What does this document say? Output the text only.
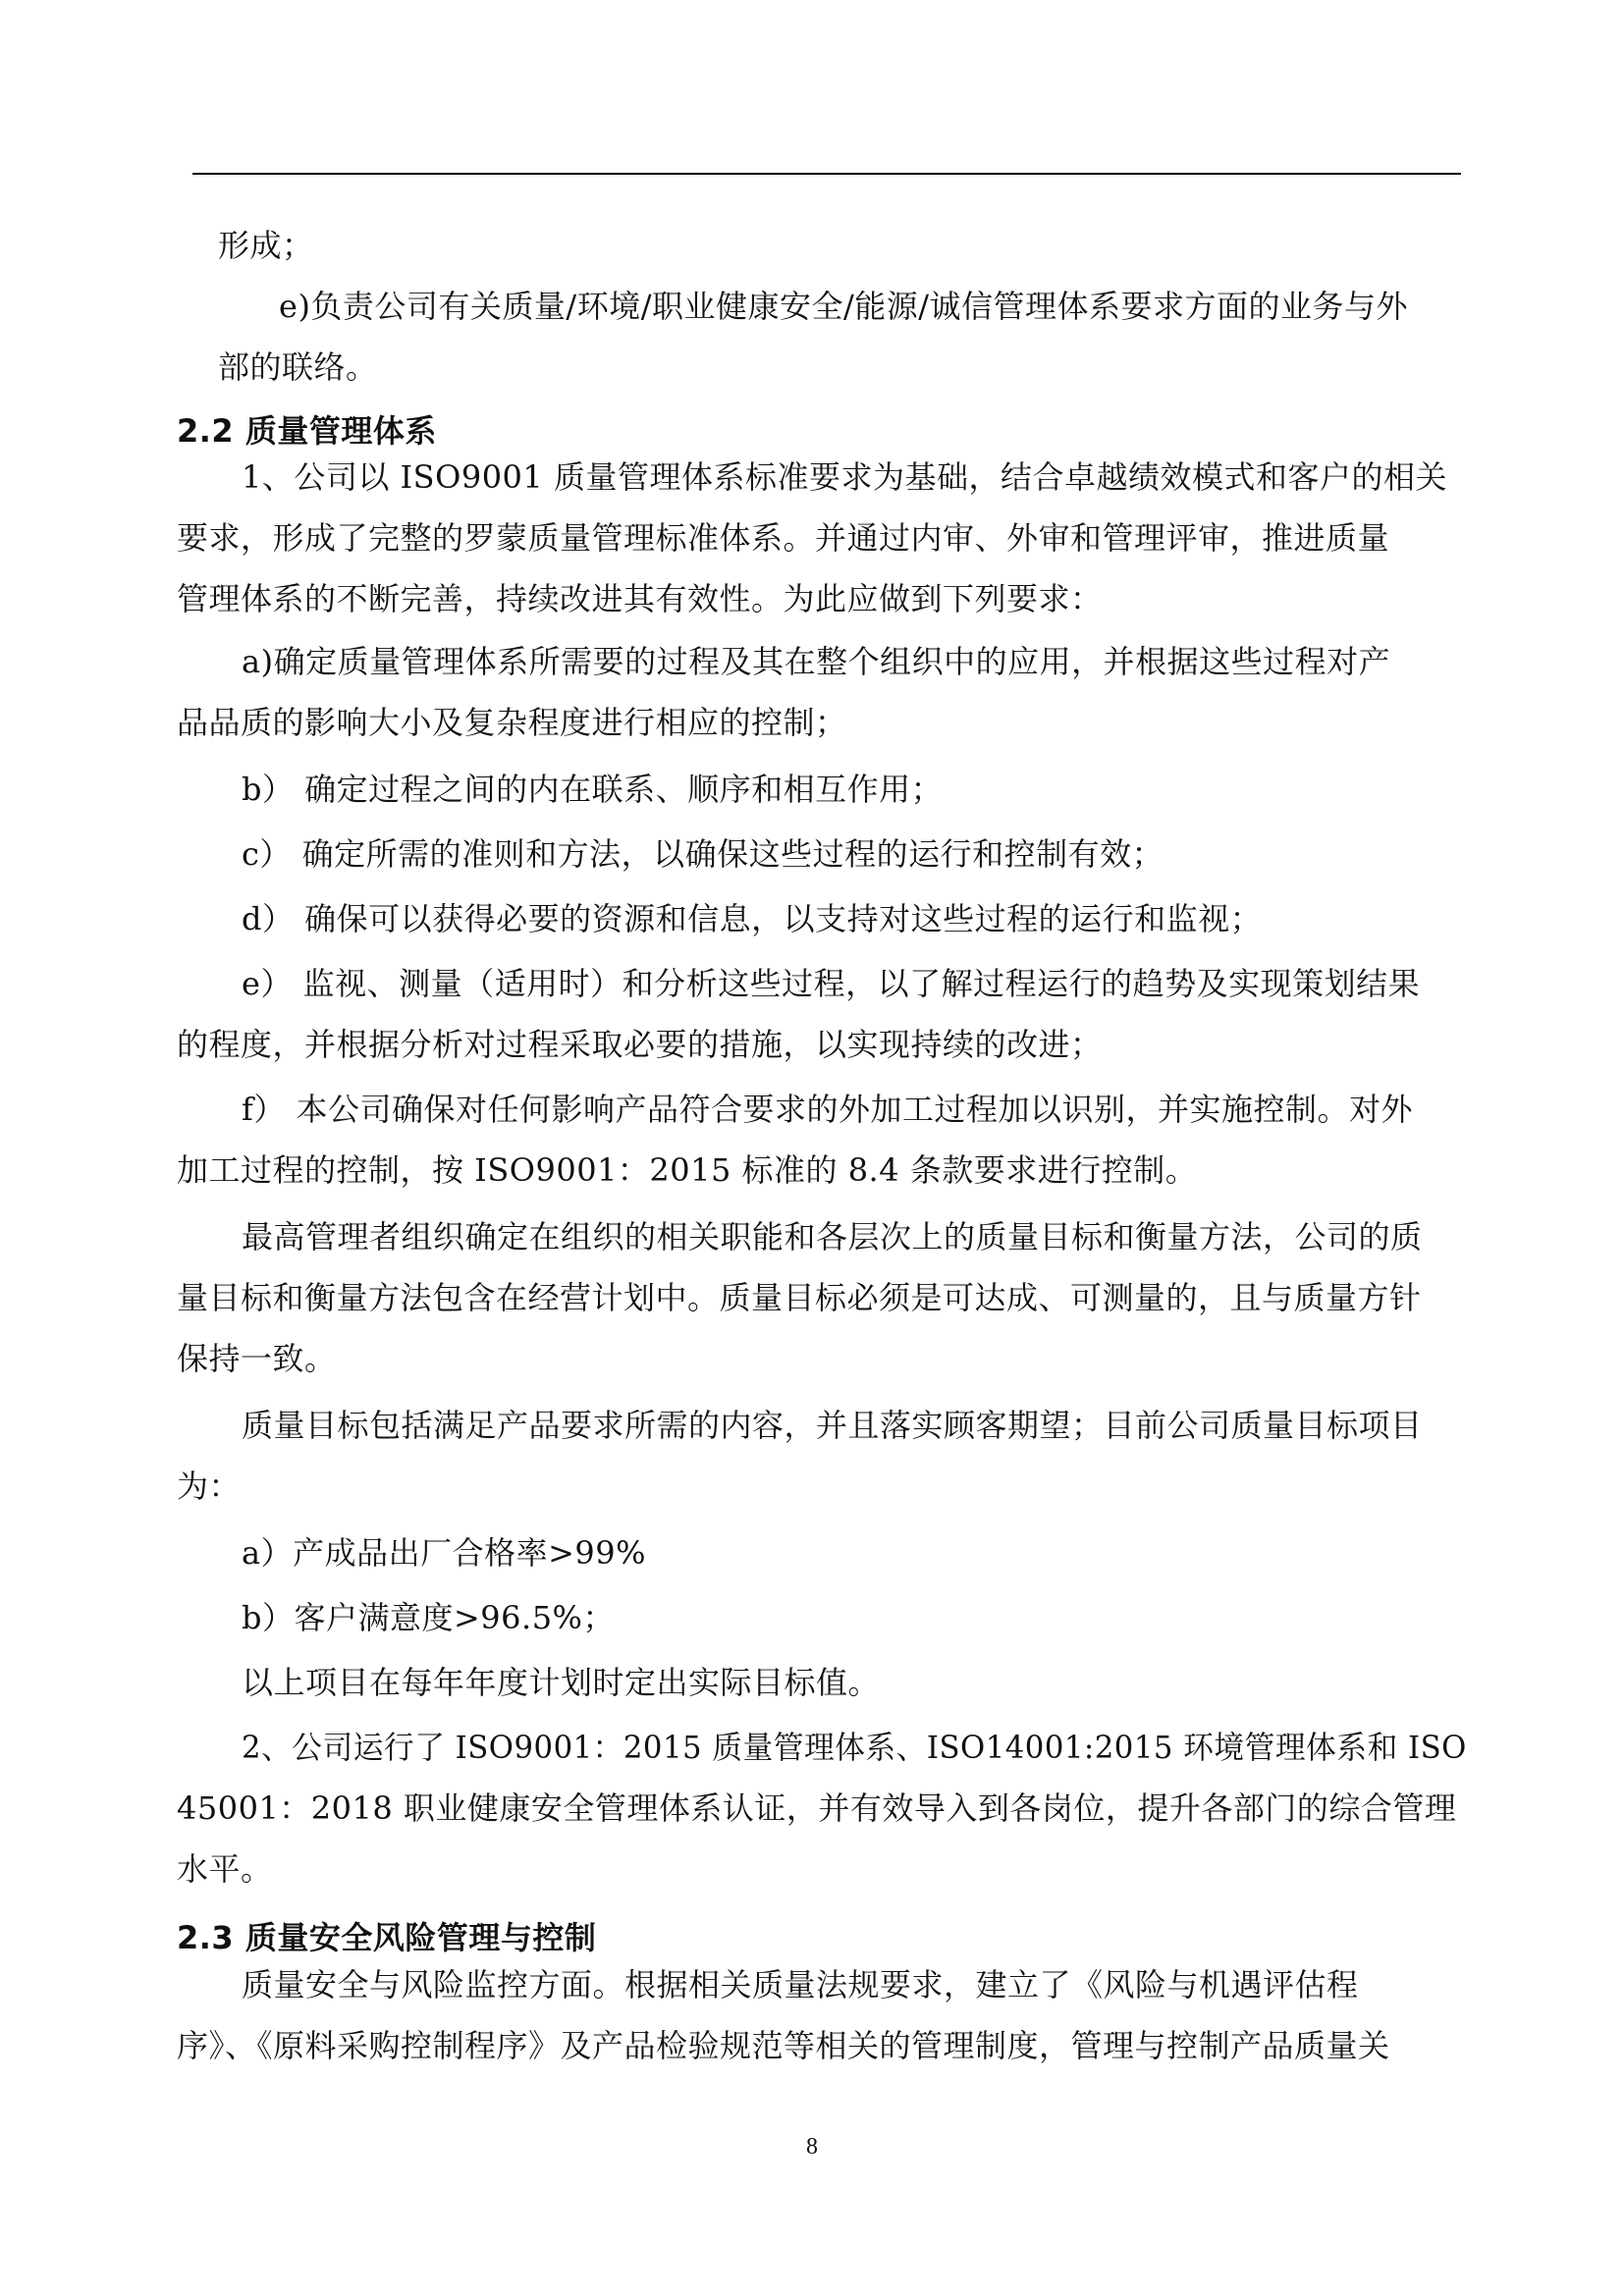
形成；
e)负责公司有关质量/环境/职业健康安全/能源/诚信管理体系要求方面的业务与外
部的联络。
2.2 质量管理体系
1、公司以 ISO9001 质量管理体系标准要求为基础，结合卓越绩效模式和客户的相关
要求，形成了完整的罗蒙质量管理标准体系。并通过内审、外审和管理评审，推进质量
管理体系的不断完善，持续改进其有效性。为此应做到下列要求：
a)确定质量管理体系所需要的过程及其在整个组织中的应用，并根据这些过程对产
品品质的影响大小及复杂程度进行相应的控制；
b） 确定过程之间的内在联系、顺序和相互作用；
c） 确定所需的准则和方法，以确保这些过程的运行和控制有效；
d） 确保可以获得必要的资源和信息，以支持对这些过程的运行和监视；
e） 监视、测量（适用时）和分析这些过程，以了解过程运行的趋势及实现策划结果
的程度，并根据分析对过程采取必要的措施，以实现持续的改进；
f） 本公司确保对任何影响产品符合要求的外加工过程加以识别，并实施控制。对外
加工过程的控制，按 ISO9001：2015 标准的 8.4 条款要求进行控制。
最高管理者组织确定在组织的相关职能和各层次上的质量目标和衡量方法，公司的质
量目标和衡量方法包含在经营计划中。质量目标必须是可达成、可测量的，且与质量方针
保持一致。
质量目标包括满足产品要求所需的内容，并且落实顾客期望；目前公司质量目标项目
为：
a）产成品出厂合格率>99%
b）客户满意度>96.5%；
以上项目在每年年度计划时定出实际目标值。
2、公司运行了 ISO9001：2015 质量管理体系、ISO14001:2015 环境管理体系和 ISO
45001：2018 职业健康安全管理体系认证，并有效导入到各岗位，提升各部门的综合管理
水平。
2.3 质量安全风险管理与控制
质量安全与风险监控方面。根据相关质量法规要求，建立了《风险与机遇评估程
序》、《原料采购控制程序》及产品检验规范等相关的管理制度，管理与控制产品质量关
8
